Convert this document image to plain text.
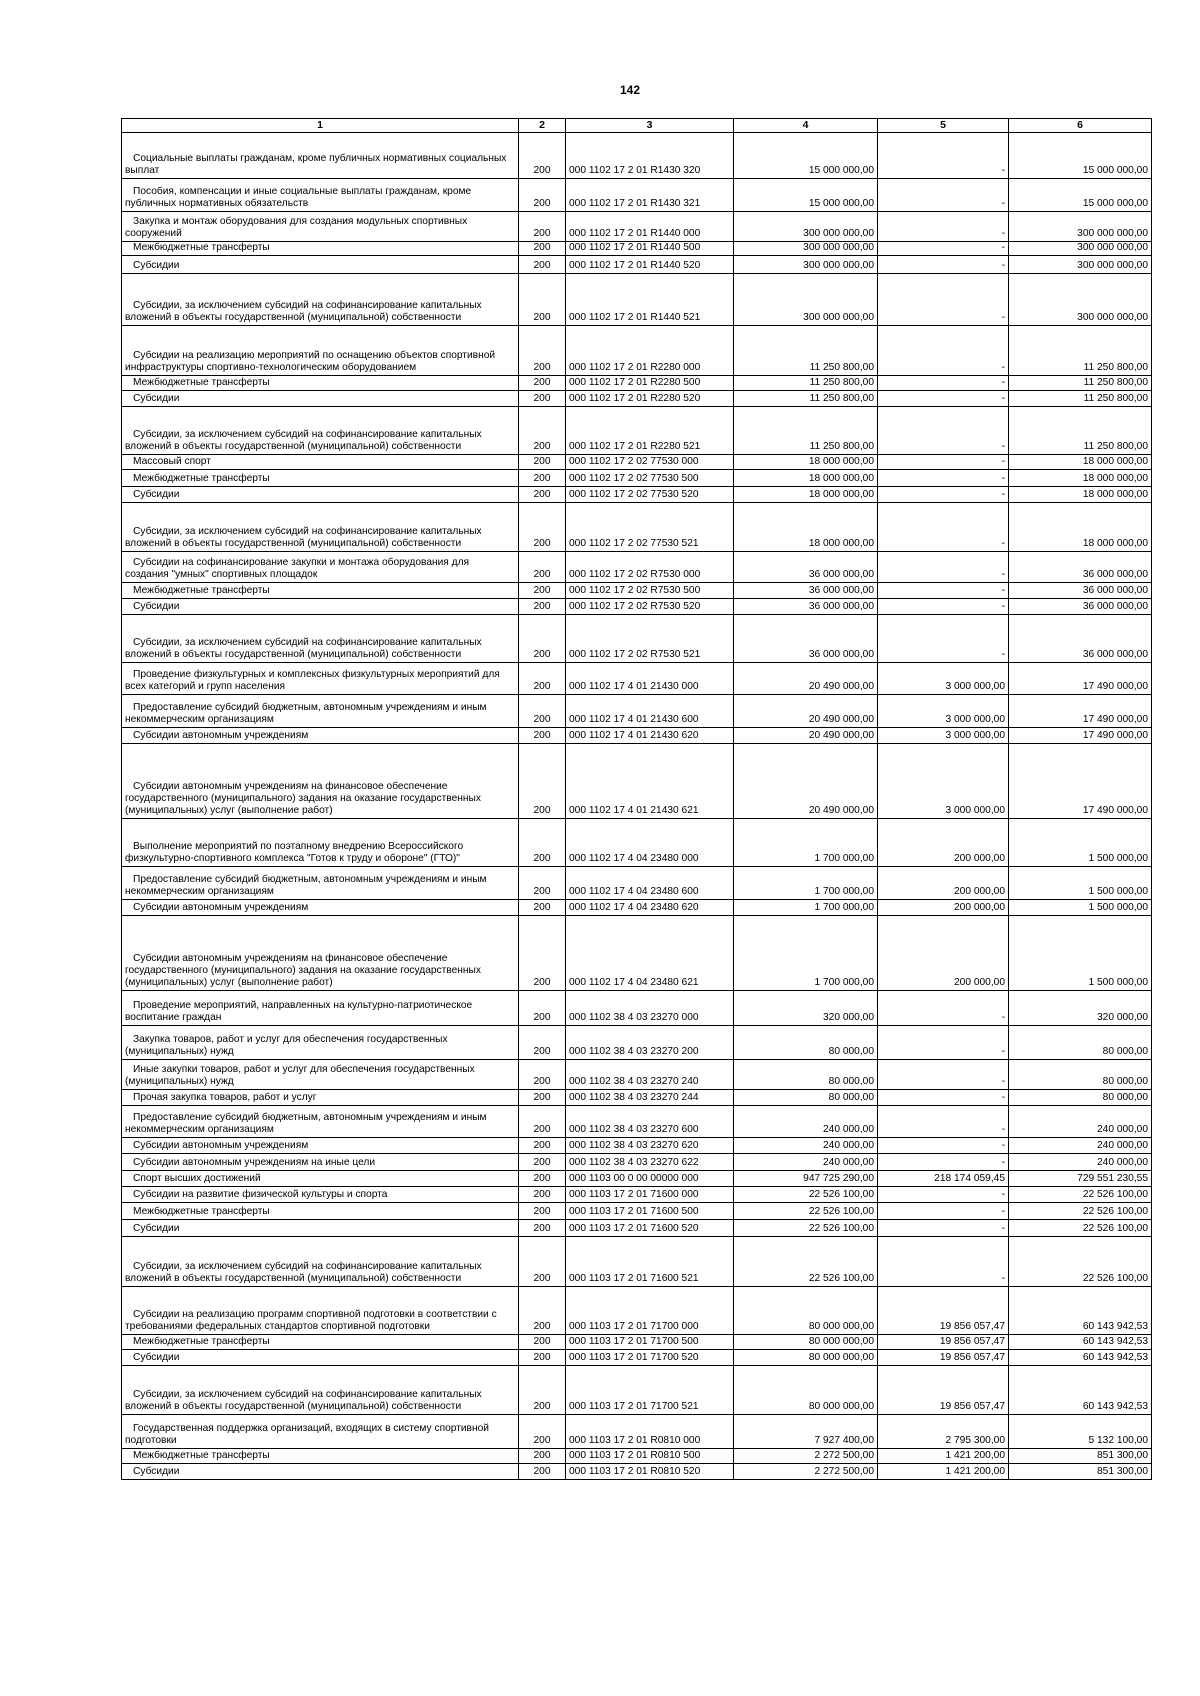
142
1	2	3	4	5	6
Социальные выплаты гражданам, кроме публичных нормативных социальных выплат	200	000 1102 17 2 01 R1430 320	15 000 000,00	-	15 000 000,00
Пособия, компенсации и иные социальные выплаты гражданам, кроме публичных нормативных обязательств	200	000 1102 17 2 01 R1430 321	15 000 000,00	-	15 000 000,00
Закупка и монтаж оборудования для создания модульных спортивных сооружений	200	000 1102 17 2 01 R1440 000	300 000 000,00	-	300 000 000,00
Межбюджетные трансферты	200	000 1102 17 2 01 R1440 500	300 000 000,00	-	300 000 000,00
Субсидии	200	000 1102 17 2 01 R1440 520	300 000 000,00	-	300 000 000,00
Субсидии, за исключением субсидий на софинансирование капитальных вложений в объекты государственной (муниципальной) собственности	200	000 1102 17 2 01 R1440 521	300 000 000,00	-	300 000 000,00
Субсидии на реализацию мероприятий по оснащению объектов спортивной инфраструктуры спортивно-технологическим оборудованием	200	000 1102 17 2 01 R2280 000	11 250 800,00	-	11 250 800,00
Межбюджетные трансферты	200	000 1102 17 2 01 R2280 500	11 250 800,00	-	11 250 800,00
Субсидии	200	000 1102 17 2 01 R2280 520	11 250 800,00	-	11 250 800,00
Субсидии, за исключением субсидий на софинансирование капитальных вложений в объекты государственной (муниципальной) собственности	200	000 1102 17 2 01 R2280 521	11 250 800,00	-	11 250 800,00
Массовый спорт	200	000 1102 17 2 02 77530 000	18 000 000,00	-	18 000 000,00
Межбюджетные трансферты	200	000 1102 17 2 02 77530 500	18 000 000,00	-	18 000 000,00
Субсидии	200	000 1102 17 2 02 77530 520	18 000 000,00	-	18 000 000,00
Субсидии, за исключением субсидий на софинансирование капитальных вложений в объекты государственной (муниципальной) собственности	200	000 1102 17 2 02 77530 521	18 000 000,00	-	18 000 000,00
Субсидии на софинансирование закупки и монтажа оборудования для создания "умных" спортивных площадок	200	000 1102 17 2 02 R7530 000	36 000 000,00	-	36 000 000,00
Межбюджетные трансферты	200	000 1102 17 2 02 R7530 500	36 000 000,00	-	36 000 000,00
Субсидии	200	000 1102 17 2 02 R7530 520	36 000 000,00	-	36 000 000,00
Субсидии, за исключением субсидий на софинансирование капитальных вложений в объекты государственной (муниципальной) собственности	200	000 1102 17 2 02 R7530 521	36 000 000,00	-	36 000 000,00
Проведение физкультурных и комплексных физкультурных мероприятий для всех категорий и групп населения	200	000 1102 17 4 01 21430 000	20 490 000,00	3 000 000,00	17 490 000,00
Предоставление субсидий бюджетным, автономным учреждениям и иным некоммерческим организациям	200	000 1102 17 4 01 21430 600	20 490 000,00	3 000 000,00	17 490 000,00
Субсидии автономным учреждениям	200	000 1102 17 4 01 21430 620	20 490 000,00	3 000 000,00	17 490 000,00
Субсидии автономным учреждениям на финансовое обеспечение государственного (муниципального) задания на оказание государственных (муниципальных) услуг (выполнение работ)	200	000 1102 17 4 01 21430 621	20 490 000,00	3 000 000,00	17 490 000,00
Выполнение мероприятий по поэтапному внедрению Всероссийского физкультурно-спортивного комплекса "Готов к труду и обороне" (ГТО)"	200	000 1102 17 4 04 23480 000	1 700 000,00	200 000,00	1 500 000,00
Предоставление субсидий бюджетным, автономным учреждениям и иным некоммерческим организациям	200	000 1102 17 4 04 23480 600	1 700 000,00	200 000,00	1 500 000,00
Субсидии автономным учреждениям	200	000 1102 17 4 04 23480 620	1 700 000,00	200 000,00	1 500 000,00
Субсидии автономным учреждениям на финансовое обеспечение государственного (муниципального) задания на оказание государственных (муниципальных) услуг (выполнение работ)	200	000 1102 17 4 04 23480 621	1 700 000,00	200 000,00	1 500 000,00
Проведение мероприятий, направленных на культурно-патриотическое воспитание граждан	200	000 1102 38 4 03 23270 000	320 000,00	-	320 000,00
Закупка товаров, работ и услуг для обеспечения государственных (муниципальных) нужд	200	000 1102 38 4 03 23270 200	80 000,00	-	80 000,00
Иные закупки товаров, работ и услуг для обеспечения государственных (муниципальных) нужд	200	000 1102 38 4 03 23270 240	80 000,00	-	80 000,00
Прочая закупка товаров, работ и услуг	200	000 1102 38 4 03 23270 244	80 000,00	-	80 000,00
Предоставление субсидий бюджетным, автономным учреждениям и иным некоммерческим организациям	200	000 1102 38 4 03 23270 600	240 000,00	-	240 000,00
Субсидии автономным учреждениям	200	000 1102 38 4 03 23270 620	240 000,00	-	240 000,00
Субсидии автономным учреждениям на иные цели	200	000 1102 38 4 03 23270 622	240 000,00	-	240 000,00
Спорт высших достижений	200	000 1103 00 0 00 00000 000	947 725 290,00	218 174 059,45	729 551 230,55
Субсидии на развитие физической культуры и спорта	200	000 1103 17 2 01 71600 000	22 526 100,00	-	22 526 100,00
Межбюджетные трансферты	200	000 1103 17 2 01 71600 500	22 526 100,00	-	22 526 100,00
Субсидии	200	000 1103 17 2 01 71600 520	22 526 100,00	-	22 526 100,00
Субсидии, за исключением субсидий на софинансирование капитальных вложений в объекты государственной (муниципальной) собственности	200	000 1103 17 2 01 71600 521	22 526 100,00	-	22 526 100,00
Субсидии на реализацию программ спортивной подготовки в соответствии с требованиями федеральных стандартов спортивной подготовки	200	000 1103 17 2 01 71700 000	80 000 000,00	19 856 057,47	60 143 942,53
Межбюджетные трансферты	200	000 1103 17 2 01 71700 500	80 000 000,00	19 856 057,47	60 143 942,53
Субсидии	200	000 1103 17 2 01 71700 520	80 000 000,00	19 856 057,47	60 143 942,53
Субсидии, за исключением субсидий на софинансирование капитальных вложений в объекты государственной (муниципальной) собственности	200	000 1103 17 2 01 71700 521	80 000 000,00	19 856 057,47	60 143 942,53
Государственная поддержка организаций, входящих в систему спортивной подготовки	200	000 1103 17 2 01 R0810 000	7 927 400,00	2 795 300,00	5 132 100,00
Межбюджетные трансферты	200	000 1103 17 2 01 R0810 500	2 272 500,00	1 421 200,00	851 300,00
Субсидии	200	000 1103 17 2 01 R0810 520	2 272 500,00	1 421 200,00	851 300,00
